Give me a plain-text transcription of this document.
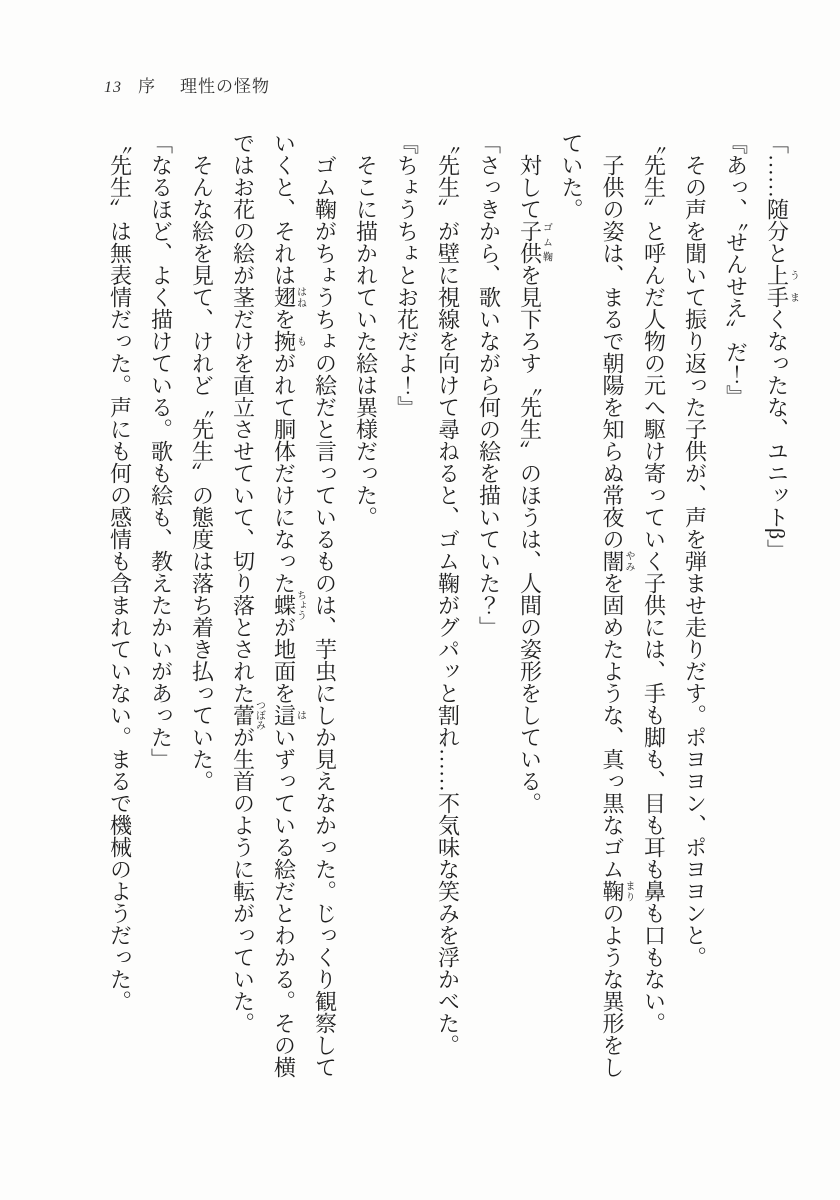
13 序 理性の怪物

「……随分と上手うまくなったな、ユニットβ」

『あっ、〝せんせえ〟だ！』

その声を聞いて振り返った子供が、声を弾ませ走りだす。ポヨヨン、ポヨヨンと。

〝先生〟と呼んだ人物の元へ駆け寄っていく子供には、手も脚も、目も耳も鼻も口もない。

子供の姿は、まるで朝陽を知らぬ常夜の闇やみを固めたような、真っ黒なゴム鞠まりのような異形をしていた。

対して子供ゴム鞠を見下ろす〝先生〟のほうは、人間の姿形をしている。

「さっきから、歌いながら何の絵を描いていた？」

〝先生〟が壁に視線を向けて尋ねると、ゴム鞠がグパッと割れ……不気味な笑みを浮かべた。

『ちょうちょとお花だよ！』

そこに描かれていた絵は異様だった。

ゴム鞠がちょうちょの絵だと言っているものは、芋虫にしか見えなかった。じっくり観察していくと、それは翅はねを捥もがれて胴体だけになった蝶ちょうが地面を這はいずっている絵だとわかる。その横ではお花の絵が茎だけを直立させていて、切り落とされた蕾つぼみが生首のように転がっていた。

そんな絵を見て、けれど〝先生〟の態度は落ち着き払っていた。

「なるほど、よく描けている。歌も絵も、教えたかいがあった」

〝先生〟は無表情だった。声にも何の感情も含まれていない。まるで機械のようだった。
